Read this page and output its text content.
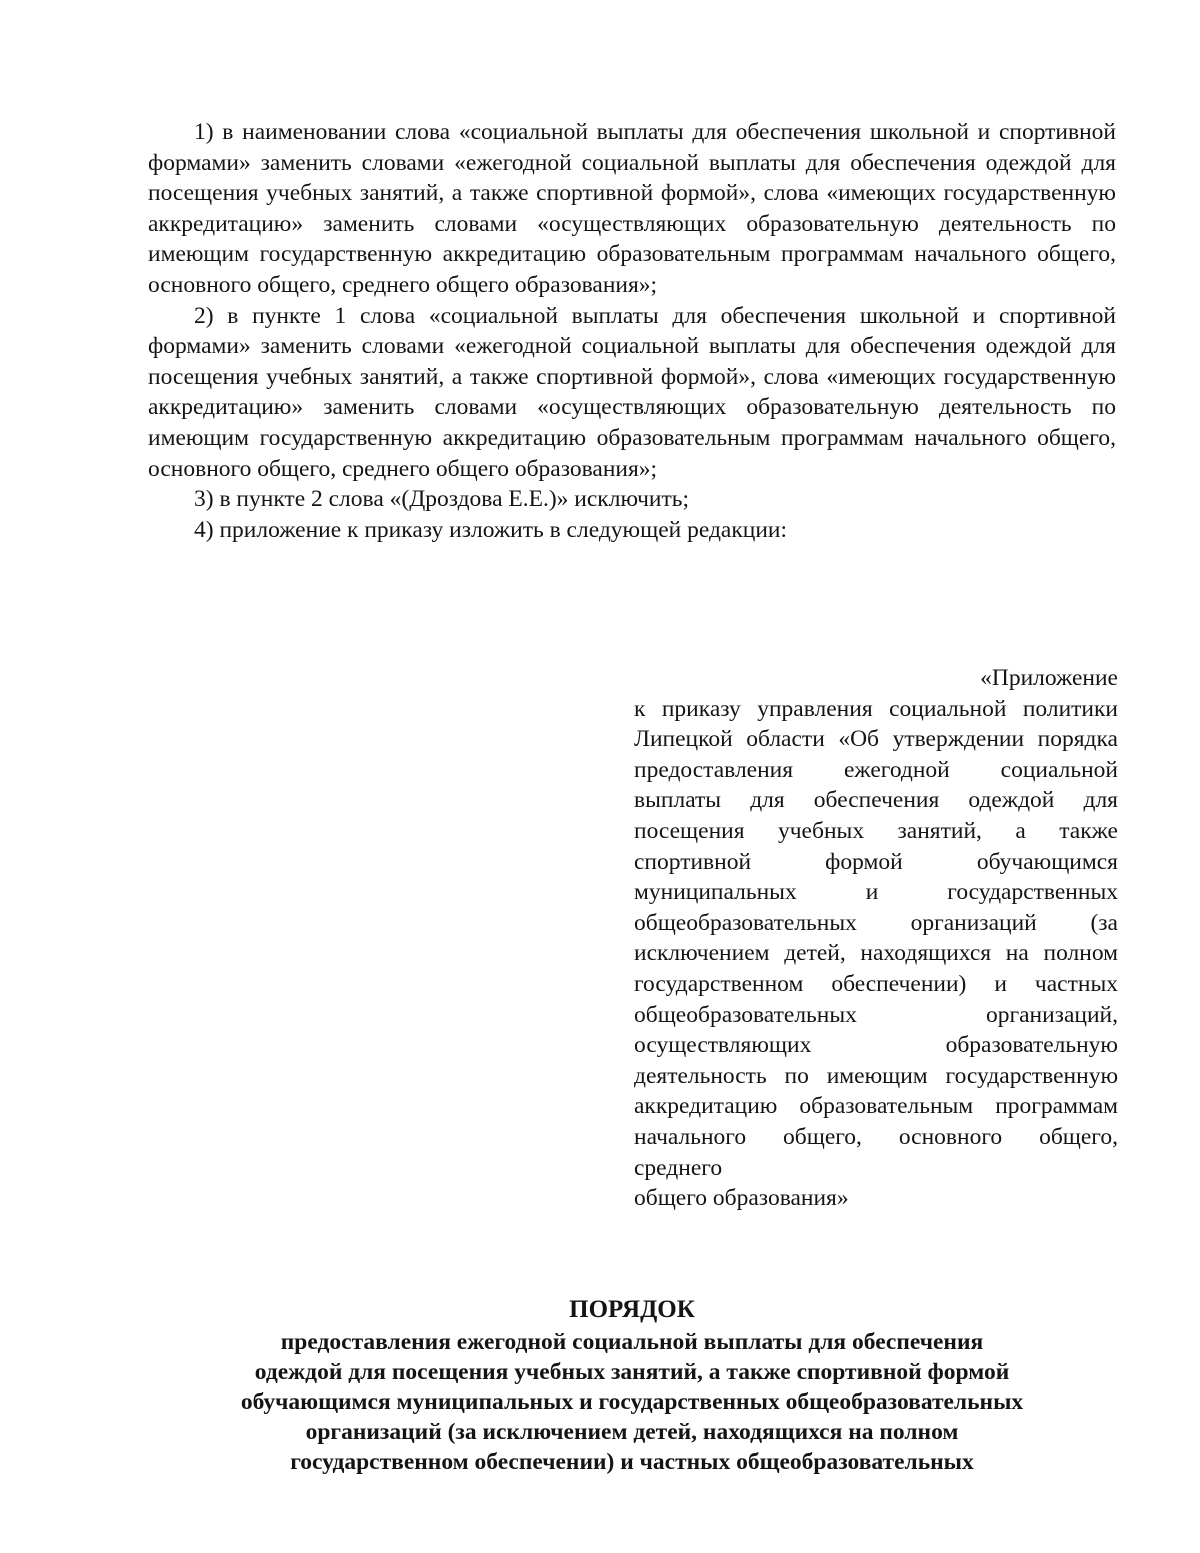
1) в наименовании слова «социальной выплаты для обеспечения школьной и спортивной формами» заменить словами «ежегодной социальной выплаты для обеспечения одеждой для посещения учебных занятий, а также спортивной формой», слова «имеющих государственную аккредитацию» заменить словами «осуществляющих образовательную деятельность по имеющим государственную аккредитацию образовательным программам начального общего, основного общего, среднего общего образования»;

2) в пункте 1 слова «социальной выплаты для обеспечения школьной и спортивной формами» заменить словами «ежегодной социальной выплаты для обеспечения одеждой для посещения учебных занятий, а также спортивной формой», слова «имеющих государственную аккредитацию» заменить словами «осуществляющих образовательную деятельность по имеющим государственную аккредитацию образовательным программам начального общего, основного общего, среднего общего образования»;

3) в пункте 2 слова «(Дроздова Е.Е.)» исключить;

4) приложение к приказу изложить в следующей редакции:

«Приложение

к приказу управления социальной политики Липецкой области «Об утверждении порядка предоставления ежегодной социальной выплаты для обеспечения одеждой для посещения учебных занятий, а также спортивной формой обучающимся муниципальных и государственных общеобразовательных организаций (за исключением детей, находящихся на полном государственном обеспечении) и частных общеобразовательных организаций, осуществляющих образовательную деятельность по имеющим государственную аккредитацию образовательным программам начального общего, основного общего, среднего

общего образования»

ПОРЯДОК

предоставления ежегодной социальной выплаты для обеспечения
одеждой для посещения учебных занятий, а также спортивной формой
обучающимся муниципальных и государственных общеобразовательных
организаций (за исключением детей, находящихся на полном
государственном обеспечении) и частных общеобразовательных
